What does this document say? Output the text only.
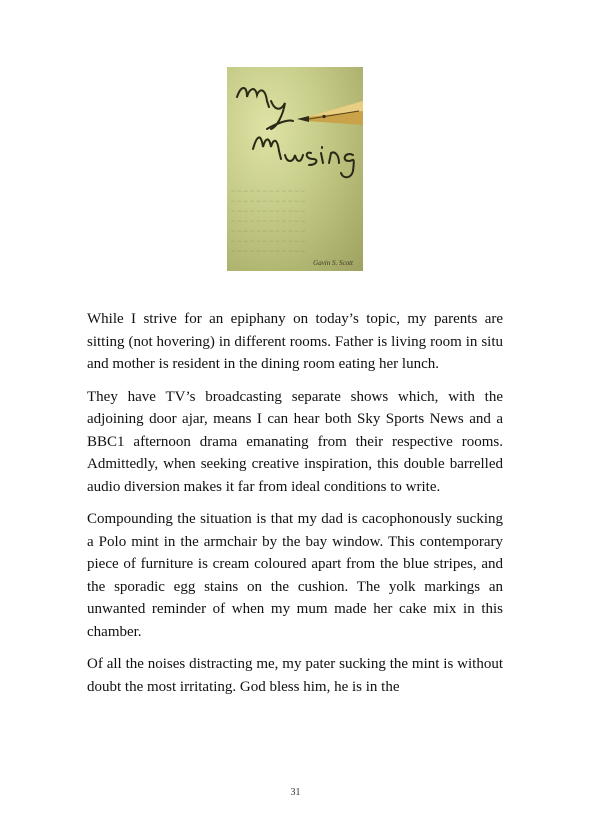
~ ~ ~ ~ ~ ~ ~ ~ ~ ~ ~ ~
~ ~ ~ ~ ~ ~ ~ ~ ~ ~ ~ ~
~ ~ ~ ~ ~ ~ ~ ~ ~ ~ ~ ~
~ ~ ~ ~ ~ ~ ~ ~ ~ ~ ~ ~
~ ~ ~ ~ ~ ~ ~ ~ ~ ~ ~ ~
~ ~ ~ ~ ~ ~ ~ ~ ~ ~ ~ ~
~ ~ ~ ~ ~ ~ ~ ~ ~ ~ ~ ~
Gavin S. Scott

While I strive for an epiphany on today’s topic, my parents are sitting (not hovering) in different rooms. Father is living room in situ and mother is resident in the dining room eating her lunch.

They have TV’s broadcasting separate shows which, with the adjoining door ajar, means I can hear both Sky Sports News and a BBC1 afternoon drama emanating from their respective rooms. Admittedly, when seeking creative inspiration, this double barrelled audio diversion makes it far from ideal conditions to write.

Compounding the situation is that my dad is cacophonously sucking a Polo mint in the armchair by the bay window. This contemporary piece of furniture is cream coloured apart from the blue stripes, and the sporadic egg stains on the cushion. The yolk markings an unwanted reminder of when my mum made her cake mix in this chamber.

Of all the noises distracting me, my pater sucking the mint is without doubt the most irritating. God bless him, he is in the

31
